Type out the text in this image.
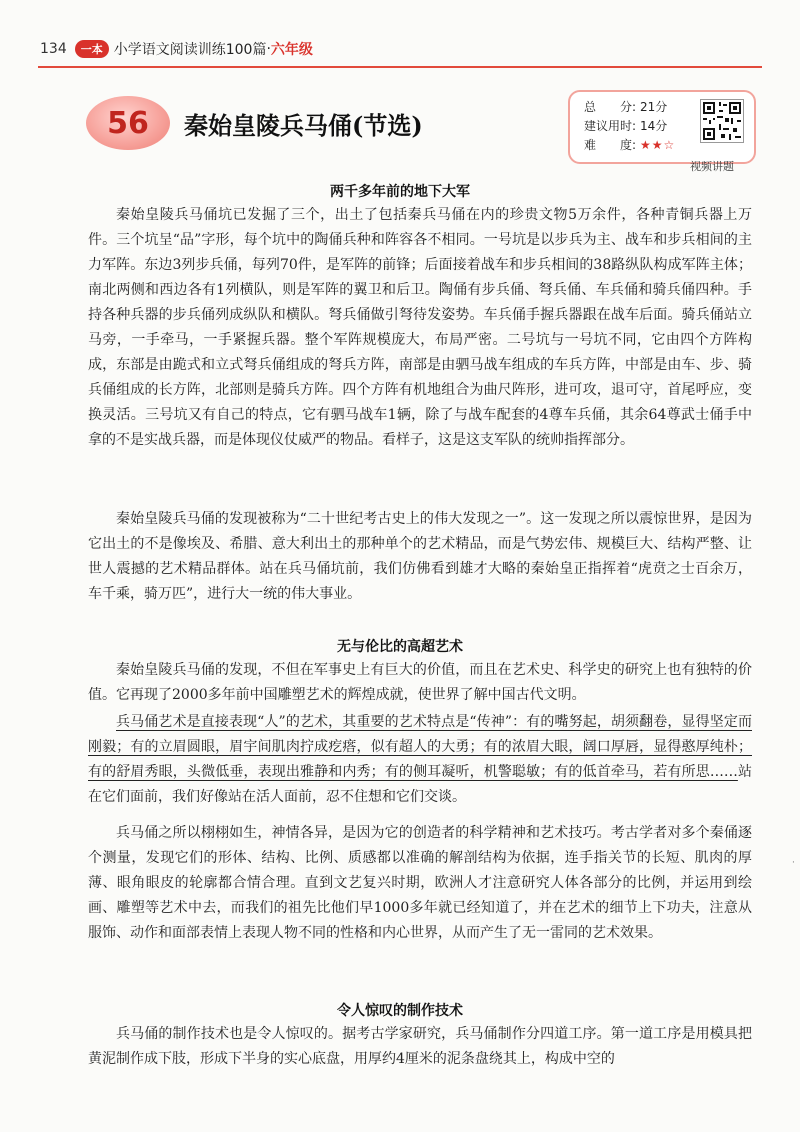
134	一本 小学语文阅读训练100篇 · 六年级
56 秦始皇陵兵马俑(节选)
总　　分: 21分
建议用时: 14分
难　　度: ★★☆
视频讲题
两千多年前的地下大军

秦始皇陵兵马俑坑已发掘了三个，出土了包括秦兵马俑在内的珍贵文物5万余件，各种青铜兵器上万件。三个坑呈“品”字形，每个坑中的陶俑兵种和阵容各不相同。一号坑是以步兵为主、战车和步兵相间的主力军阵。东边3列步兵俑，每列70件，是军阵的前锋；后面接着战车和步兵相间的38路纵队构成军阵主体；南北两侧和西边各有1列横队，则是军阵的翼卫和后卫。陶俑有步兵俑、弩兵俑、车兵俑和骑兵俑四种。手持各种兵器的步兵俑列成纵队和横队。弩兵俑做引弩待发姿势。车兵俑手握兵器跟在战车后面。骑兵俑站立马旁，一手牵马，一手紧握兵器。整个军阵规模庞大，布局严密。二号坑与一号坑不同，它由四个方阵构成，东部是由跪式和立式弩兵俑组成的弩兵方阵，南部是由驷马战车组成的车兵方阵，中部是由车、步、骑兵俑组成的长方阵，北部则是骑兵方阵。四个方阵有机地组合为曲尺阵形，进可攻，退可守，首尾呼应，变换灵活。三号坑又有自己的特点，它有驷马战车1辆，除了与战车配套的4尊车兵俑，其余64尊武士俑手中拿的不是实战兵器，而是体现仪仗威严的物品。看样子，这是这支军队的统帅指挥部分。

秦始皇陵兵马俑的发现被称为“二十世纪考古史上的伟大发现之一”。这一发现之所以震惊世界，是因为它出土的不是像埃及、希腊、意大利出土的那种单个的艺术精品，而是气势宏伟、规模巨大、结构严整、让世人震撼的艺术精品群体。站在兵马俑坑前，我们仿佛看到雄才大略的秦始皇正指挥着“虎贲之士百余万，车千乘，骑万匹”，进行大一统的伟大事业。

无与伦比的高超艺术

秦始皇陵兵马俑的发现，不但在军事史上有巨大的价值，而且在艺术史、科学史的研究上也有独特的价值。它再现了2000多年前中国雕塑艺术的辉煌成就，使世界了解中国古代文明。

兵马俑艺术是直接表现“人”的艺术，其重要的艺术特点是“传神”：有的嘴努起，胡须翻卷，显得坚定而刚毅；有的立眉圆眼，眉宇间肌肉拧成疙瘩，似有超人的大勇；有的浓眉大眼，阔口厚唇，显得憨厚纯朴；有的舒眉秀眼，头微低垂，表现出雅静和内秀；有的侧耳凝听，机警聪敏；有的低首牵马，若有所思……站在它们面前，我们好像站在活人面前，忍不住想和它们交谈。

兵马俑之所以栩栩如生，神情各异，是因为它的创造者的科学精神和艺术技巧。考古学者对多个秦俑逐个测量，发现它们的形体、结构、比例、质感都以准确的解剖结构为依据，连手指关节的长短、肌肉的厚薄、眼角眼皮的轮廓都合情合理。直到文艺复兴时期，欧洲人才注意研究人体各部分的比例，并运用到绘画、雕塑等艺术中去，而我们的祖先比他们早1000多年就已经知道了，并在艺术的细节上下功夫，注意从服饰、动作和面部表情上表现人物不同的性格和内心世界，从而产生了无一雷同的艺术效果。

令人惊叹的制作技术

兵马俑的制作技术也是令人惊叹的。据考古学家研究，兵马俑制作分四道工序。第一道工序是用模具把黄泥制作成下肢，形成下半身的实心底盘，用厚约4厘米的泥条盘绕其上，构成中空的

·
